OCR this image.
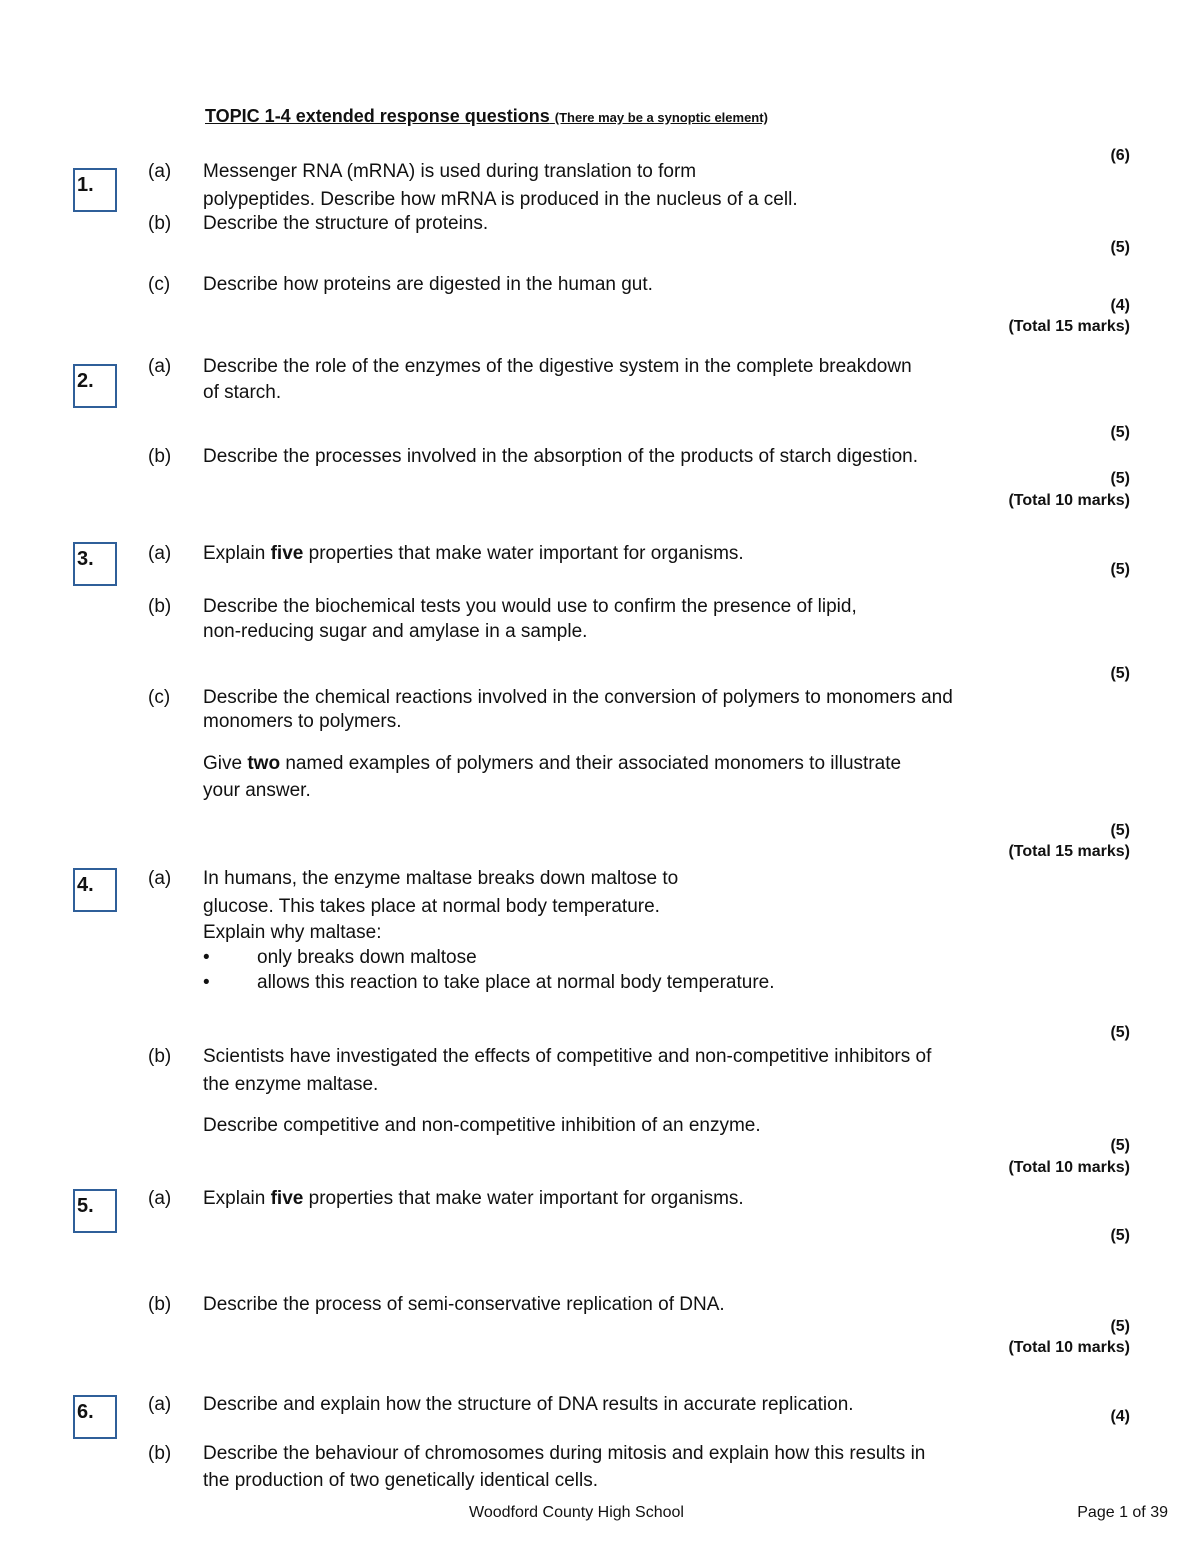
TOPIC 1-4 extended response questions (There may be a synoptic element)
1.
(6)
(a) Messenger RNA (mRNA) is used during translation to form
polypeptides. Describe how mRNA is produced in the nucleus of a cell.
(b) Describe the structure of proteins.
(5)
(c) Describe how proteins are digested in the human gut.
(4)
(Total 15 marks)
2.
(a) Describe the role of the enzymes of the digestive system in the complete breakdown
of starch.
(5)
(b) Describe the processes involved in the absorption of the products of starch digestion.
(5)
(Total 10 marks)
3.	(a) Explain five properties that make water important for organisms.
(5)
(b) Describe the biochemical tests you would use to confirm the presence of lipid,
non-reducing sugar and amylase in a sample.
(5)
(c) Describe the chemical reactions involved in the conversion of polymers to monomers and
monomers to polymers.
Give two named examples of polymers and their associated monomers to illustrate
your answer.
(5)
(Total 15 marks)
4.	(a) In humans, the enzyme maltase breaks down maltose to
glucose. This takes place at normal body temperature.
Explain why maltase:
• only breaks down maltose
• allows this reaction to take place at normal body temperature.
(5)
(b) Scientists have investigated the effects of competitive and non-competitive inhibitors of
the enzyme maltase.
Describe competitive and non-competitive inhibition of an enzyme.
(5)
(Total 10 marks)
5.	(a) Explain five properties that make water important for organisms.
(5)
(b) Describe the process of semi-conservative replication of DNA.
(5)
(Total 10 marks)
6.	(a) Describe and explain how the structure of DNA results in accurate replication.
(4)
(b) Describe the behaviour of chromosomes during mitosis and explain how this results in
the production of two genetically identical cells.
Woodford County High School	Page 1 of 39
